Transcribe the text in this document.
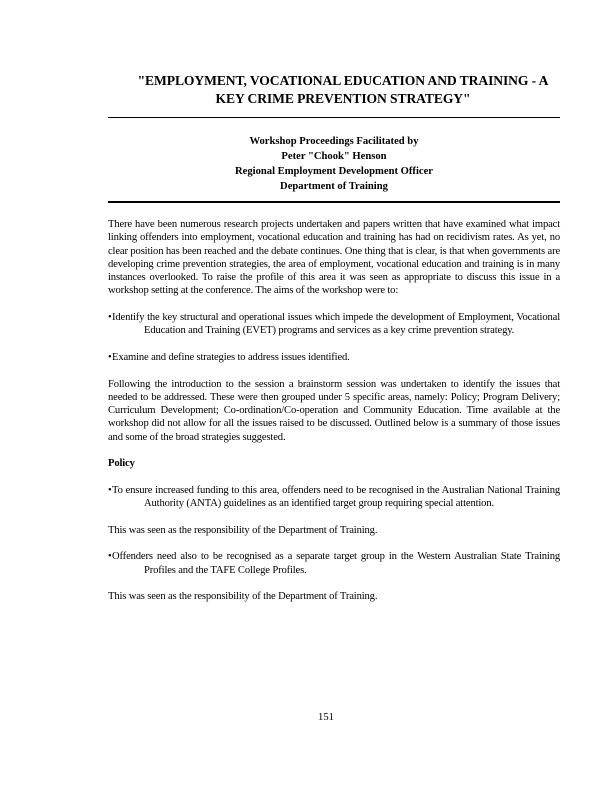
"EMPLOYMENT, VOCATIONAL EDUCATION AND TRAINING - A
KEY CRIME PREVENTION STRATEGY"
Workshop Proceedings Facilitated by
Peter "Chook" Henson
Regional Employment Development Officer
Department of Training

There have been numerous research projects undertaken and papers written that have examined what impact linking offenders into employment, vocational education and training has had on recidivism rates. As yet, no clear position has been reached and the debate continues. One thing that is clear, is that when governments are developing crime prevention strategies, the area of employment, vocational education and training is in many instances overlooked. To raise the profile of this area it was seen as appropriate to discuss this issue in a workshop setting at the conference. The aims of the workshop were to:

•Identify the key structural and operational issues which impede the development of Employment, Vocational Education and Training (EVET) programs and services as a key crime prevention strategy.
•Examine and define strategies to address issues identified.

Following the introduction to the session a brainstorm session was undertaken to identify the issues that needed to be addressed. These were then grouped under 5 specific areas, namely: Policy; Program Delivery; Curriculum Development; Co-ordination/Co-operation and Community Education. Time available at the workshop did not allow for all the issues raised to be discussed. Outlined below is a summary of those issues and some of the broad strategies suggested.

Policy
•To ensure increased funding to this area, offenders need to be recognised in the Australian National Training Authority (ANTA) guidelines as an identified target group requiring special attention.

This was seen as the responsibility of the Department of Training.

•Offenders need also to be recognised as a separate target group in the Western Australian State Training Profiles and the TAFE College Profiles.

This was seen as the responsibility of the Department of Training.

151
